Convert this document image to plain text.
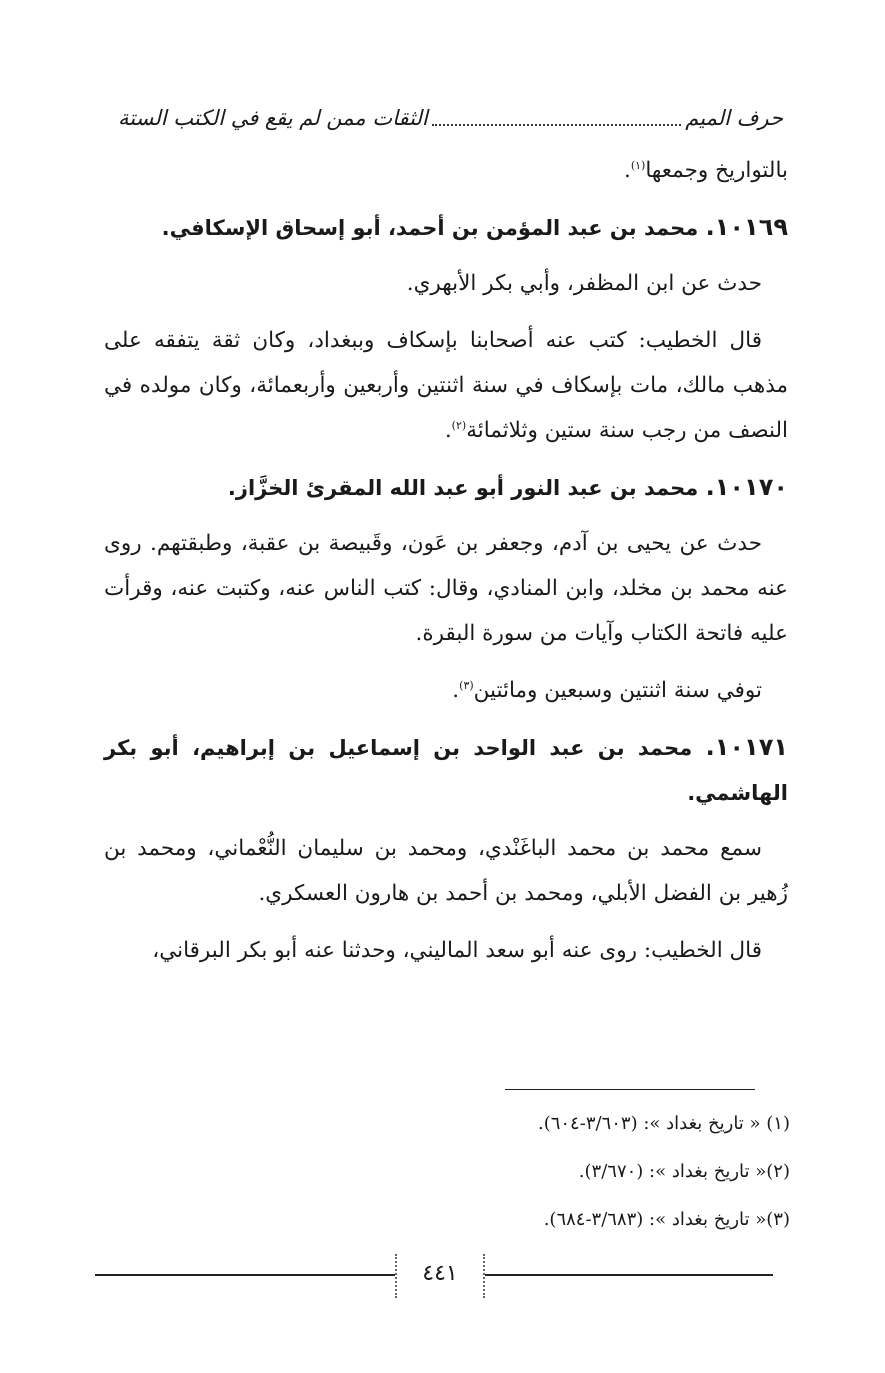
حرف الميم
الثقات ممن لم يقع في الكتب الستة

بالتواريخ وجمعها$^{(١)}$.

١٠١٦٩. محمد بن عبد المؤمن بن أحمد، أبو إسحاق الإسكافي.

حدث عن ابن المظفر، وأبي بكر الأبهري.

قال الخطيب: كتب عنه أصحابنا بإسكاف وببغداد، وكان ثقة يتفقه على مذهب مالك، مات بإسكاف في سنة اثنتين وأربعين وأربعمائة، وكان مولده في النصف من رجب سنة ستين وثلاثمائة$^{(٢)}$.

١٠١٧٠. محمد بن عبد النور أبو عبد الله المقرئ الخزَّاز.

حدث عن يحيى بن آدم، وجعفر بن عَون، وقَبيصة بن عقبة، وطبقتهم. روى عنه محمد بن مخلد، وابن المنادي، وقال: كتب الناس عنه، وكتبت عنه، وقرأت عليه فاتحة الكتاب وآيات من سورة البقرة.

توفي سنة اثنتين وسبعين ومائتين$^{(٣)}$.

١٠١٧١. محمد بن عبد الواحد بن إسماعيل بن إبراهيم، أبو بكر الهاشمي.

سمع محمد بن محمد الباغَنْدي، ومحمد بن سليمان النُّعْماني، ومحمد بن زُهير بن الفضل الأبلي، ومحمد بن أحمد بن هارون العسكري.

قال الخطيب: روى عنه أبو سعد الماليني، وحدثنا عنه أبو بكر البرقاني،

(١) « تاريخ بغداد »: (٣/٦٠٣-٦٠٤).

(٢)« تاريخ بغداد »: (٣/٦٧٠).

(٣)« تاريخ بغداد »: (٣/٦٨٣-٦٨٤).

٤٤١
